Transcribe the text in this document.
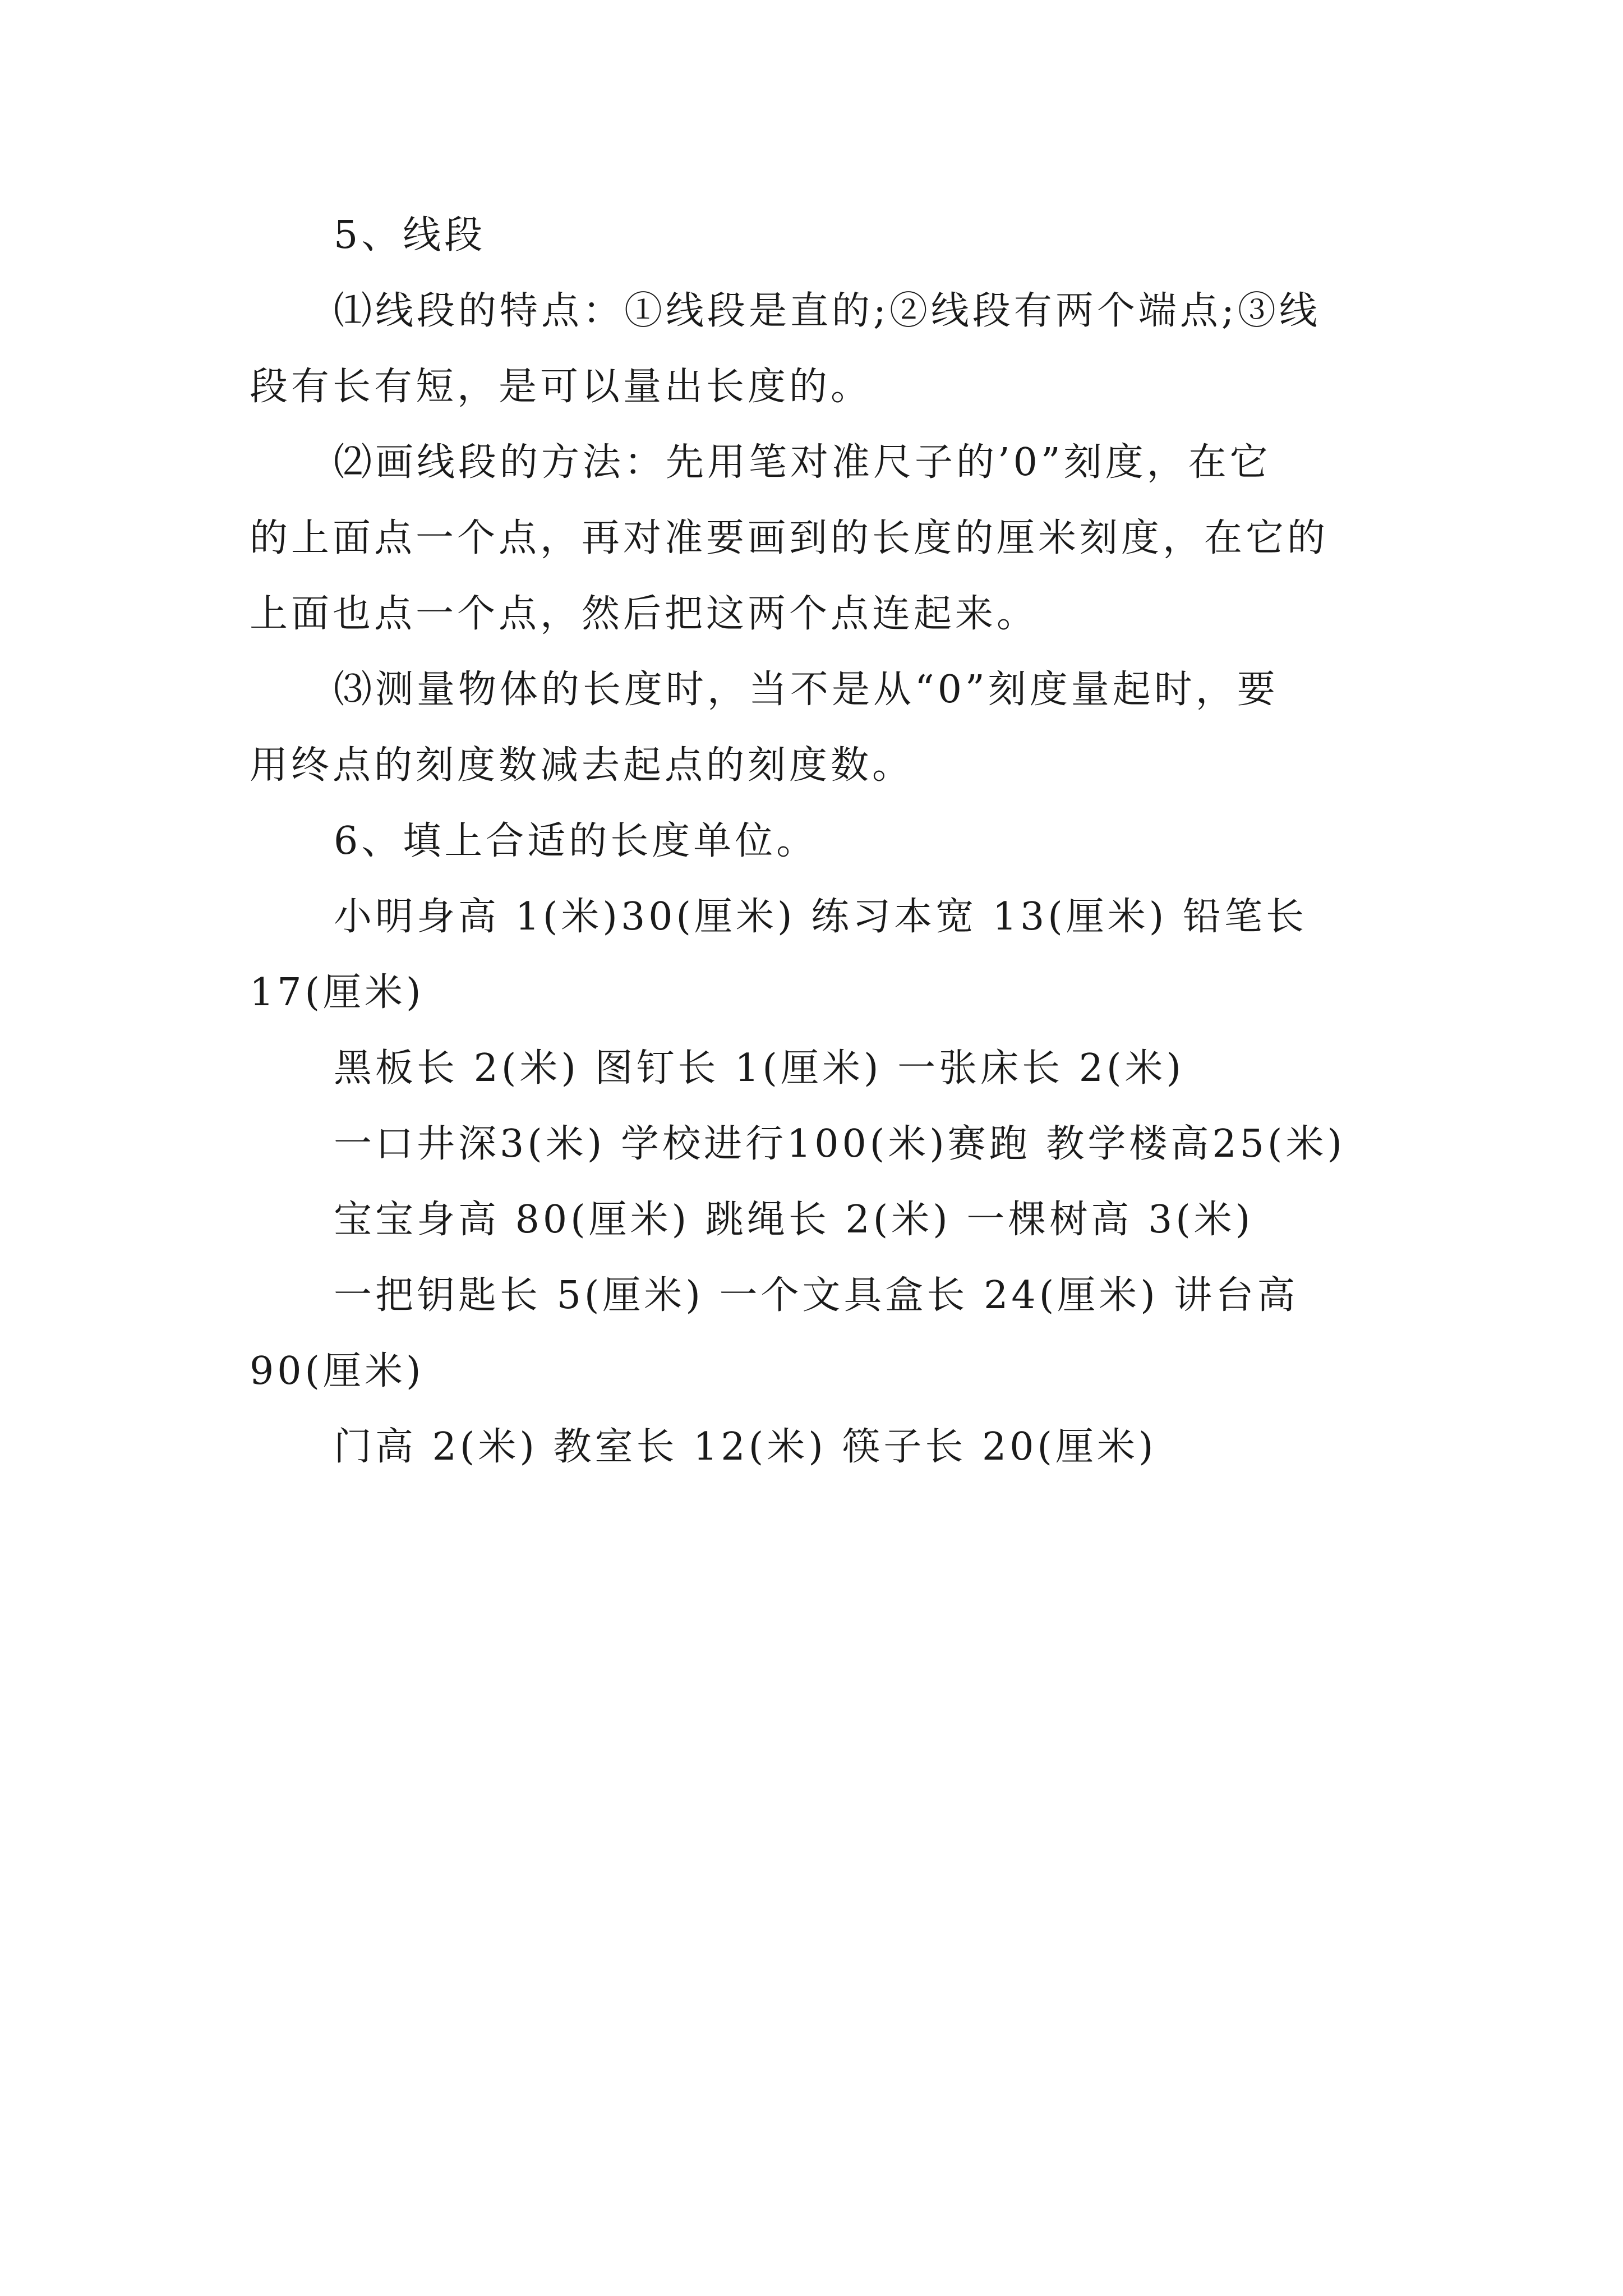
5、线段
⑴线段的特点：①线段是直的;②线段有两个端点;③线
段有长有短，是可以量出长度的。
⑵画线段的方法：先用笔对准尺子的’0”刻度，在它
的上面点一个点，再对准要画到的长度的厘米刻度，在它的
上面也点一个点，然后把这两个点连起来。
⑶测量物体的长度时，当不是从“0”刻度量起时，要
用终点的刻度数减去起点的刻度数。
6、填上合适的长度单位。
小明身高 1(米)30(厘米) 练习本宽 13(厘米) 铅笔长
17(厘米)
黑板长 2(米) 图钉长 1(厘米) 一张床长 2(米)
一口井深3(米) 学校进行100(米)赛跑 教学楼高25(米)
宝宝身高 80(厘米) 跳绳长 2(米) 一棵树高 3(米)
一把钥匙长 5(厘米) 一个文具盒长 24(厘米) 讲台高
90(厘米)
门高 2(米) 教室长 12(米) 筷子长 20(厘米)
